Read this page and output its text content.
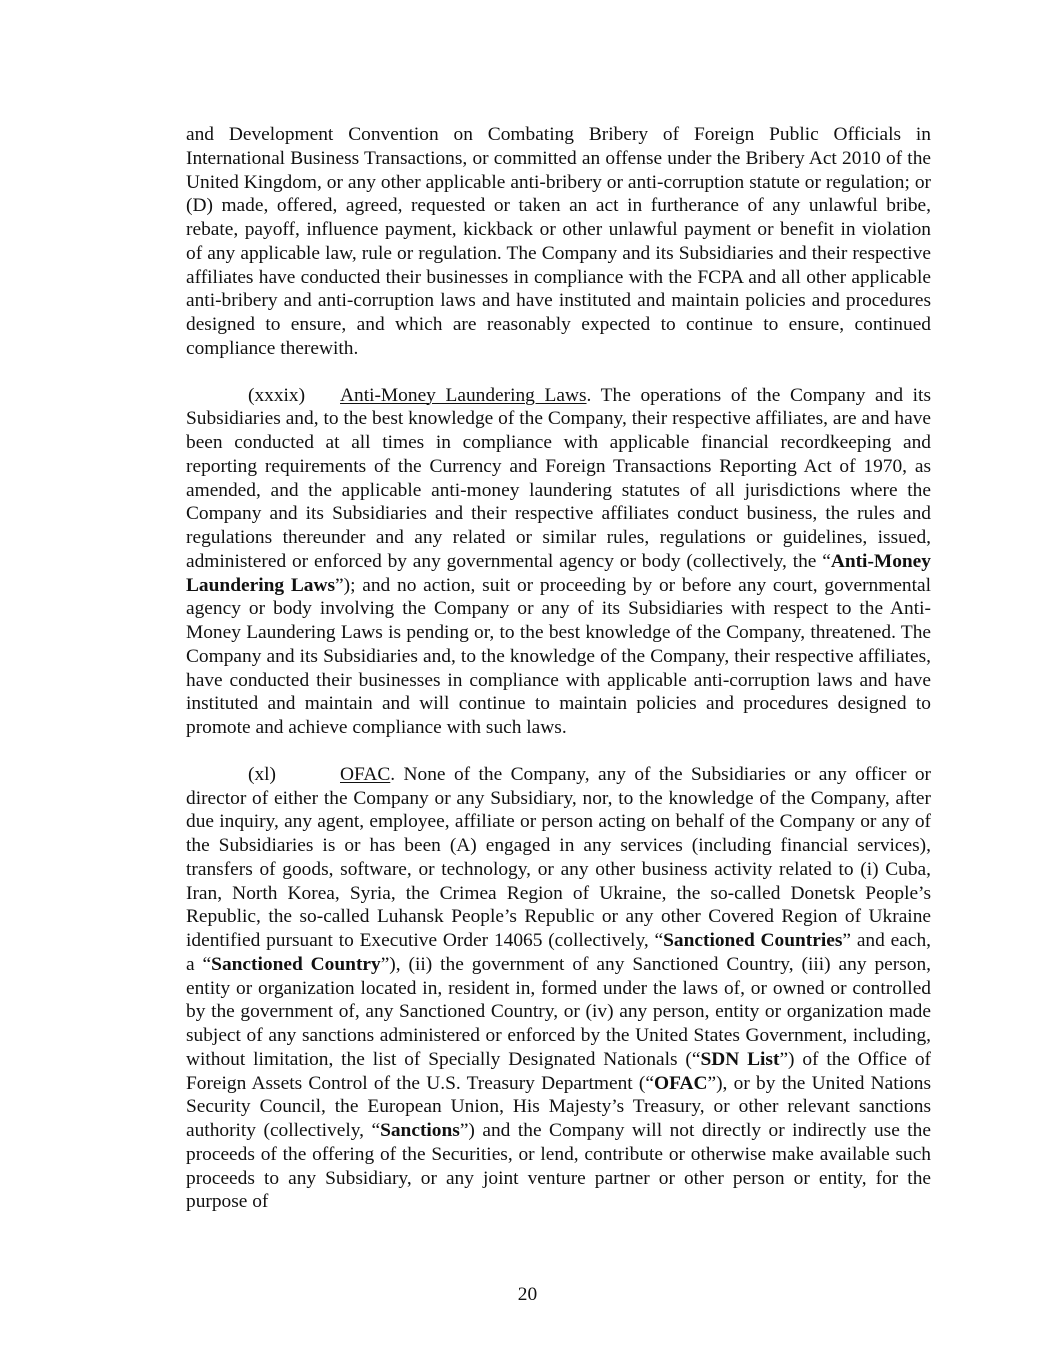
and Development Convention on Combating Bribery of Foreign Public Officials in International Business Transactions, or committed an offense under the Bribery Act 2010 of the United Kingdom, or any other applicable anti-bribery or anti-corruption statute or regulation; or (D) made, offered, agreed, requested or taken an act in furtherance of any unlawful bribe, rebate, payoff, influence payment, kickback or other unlawful payment or benefit in violation of any applicable law, rule or regulation. The Company and its Subsidiaries and their respective affiliates have conducted their businesses in compliance with the FCPA and all other applicable anti-bribery and anti-corruption laws and have instituted and maintain policies and procedures designed to ensure, and which are reasonably expected to continue to ensure, continued compliance therewith.

(xxxix) Anti-Money Laundering Laws. The operations of the Company and its Subsidiaries and, to the best knowledge of the Company, their respective affiliates, are and have been conducted at all times in compliance with applicable financial recordkeeping and reporting requirements of the Currency and Foreign Transactions Reporting Act of 1970, as amended, and the applicable anti-money laundering statutes of all jurisdictions where the Company and its Subsidiaries and their respective affiliates conduct business, the rules and regulations thereunder and any related or similar rules, regulations or guidelines, issued, administered or enforced by any governmental agency or body (collectively, the “Anti-Money Laundering Laws”); and no action, suit or proceeding by or before any court, governmental agency or body involving the Company or any of its Subsidiaries with respect to the Anti-Money Laundering Laws is pending or, to the best knowledge of the Company, threatened. The Company and its Subsidiaries and, to the knowledge of the Company, their respective affiliates, have conducted their businesses in compliance with applicable anti-corruption laws and have instituted and maintain and will continue to maintain policies and procedures designed to promote and achieve compliance with such laws.

(xl)	OFAC. None of the Company, any of the Subsidiaries or any officer or director of either the Company or any Subsidiary, nor, to the knowledge of the Company, after due inquiry, any agent, employee, affiliate or person acting on behalf of the Company or any of the Subsidiaries is or has been (A) engaged in any services (including financial services), transfers of goods, software, or technology, or any other business activity related to (i) Cuba, Iran, North Korea, Syria, the Crimea Region of Ukraine, the so-called Donetsk People’s Republic, the so-called Luhansk People’s Republic or any other Covered Region of Ukraine identified pursuant to Executive Order 14065 (collectively, “Sanctioned Countries” and each, a “Sanctioned Country”), (ii) the government of any Sanctioned Country, (iii) any person, entity or organization located in, resident in, formed under the laws of, or owned or controlled by the government of, any Sanctioned Country, or (iv) any person, entity or organization made subject of any sanctions administered or enforced by the United States Government, including, without limitation, the list of Specially Designated Nationals (“SDN List”) of the Office of Foreign Assets Control of the U.S. Treasury Department (“OFAC”), or by the United Nations Security Council, the European Union, His Majesty’s Treasury, or other relevant sanctions authority (collectively, “Sanctions”) and the Company will not directly or indirectly use the proceeds of the offering of the Securities, or lend, contribute or otherwise make available such proceeds to any Subsidiary, or any joint venture partner or other person or entity, for the purpose of

20
